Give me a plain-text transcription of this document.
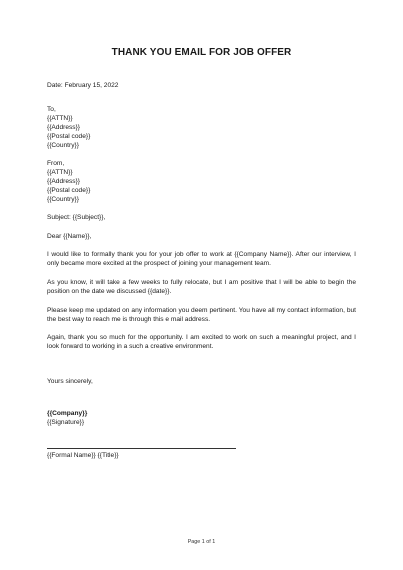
THANK YOU EMAIL FOR JOB OFFER
Date: February 15, 2022
To,
{{ATTN}}
{{Address}}
{{Postal code}}
{{Country}}
From,
{{ATTN}}
{{Address}}
{{Postal code}}
{{Country}}
Subject: {{Subject}},
Dear {{Name}},
I would like to formally thank you for your job offer to work at {{Company Name}}. After our interview, I only became more excited at the prospect of joining your management team.
As you know, it will take a few weeks to fully relocate, but I am positive that I will be able to begin the position on the date we discussed {{date}}.
Please keep me updated on any information you deem pertinent. You have all my contact information, but the best way to reach me is through this e mail address.
Again, thank you so much for the opportunity. I am excited to work on such a meaningful project, and I look forward to working in a such a creative environment.
Yours sincerely,
{{Company}}
{{Signature}}
{{Formal Name}} {{Title}}
Page 1 of 1
